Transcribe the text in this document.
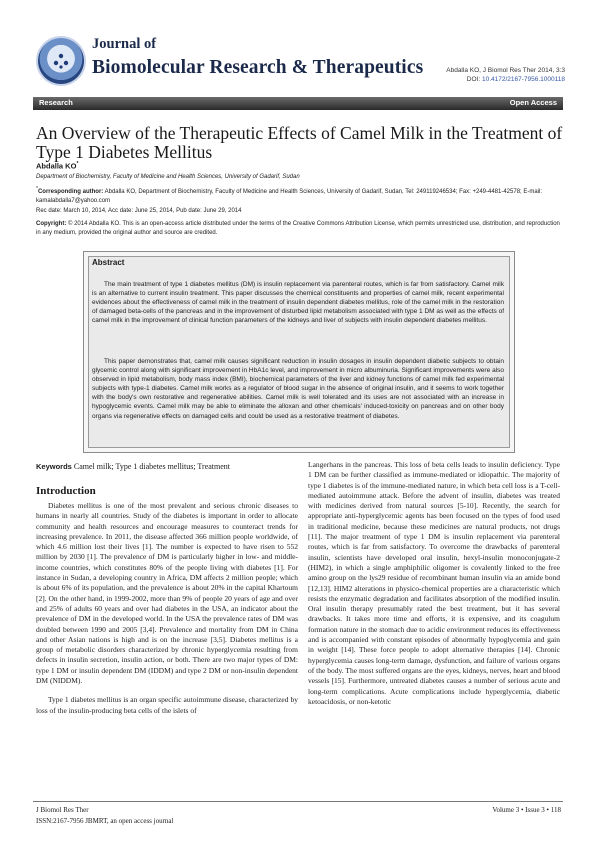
Journal of
Biomolecular Research & Therapeutics	Abdalla KO, J Biomol Res Ther 2014, 3:3
DOI: 10.4172/2167-7956.1000118
Research	Open Access
An Overview of the Therapeutic Effects of Camel Milk in the Treatment of Type 1 Diabetes Mellitus
Abdalla KO*
Department of Biochemistry, Faculty of Medicine and Health Sciences, University of Gadarif, Sudan
*Corresponding author: Abdalla KO, Department of Biochemistry, Faculty of Medicine and Health Sciences, University of Gadarif, Sudan, Tel: 249119246534; Fax: +249-4481-42578; E-mail: kamalabdalla7@yahoo.com
Rec date: March 10, 2014, Acc date: June 25, 2014, Pub date: June 29, 2014
Copyright: © 2014 Abdalla KO. This is an open-access article distributed under the terms of the Creative Commons Attribution License, which permits unrestricted use, distribution, and reproduction in any medium, provided the original author and source are credited.
Abstract
The main treatment of type 1 diabetes mellitus (DM) is insulin replacement via parenteral routes, which is far from satisfactory. Camel milk is an alternative to current insulin treatment. This paper discusses the chemical constituents and properties of camel milk, recent experimental evidences about the effectiveness of camel milk in the treatment of insulin dependent diabetes mellitus, role of the camel milk in the restoration of damaged beta-cells of the pancreas and in the improvement of disturbed lipid metabolism associated with type 1 DM as well as the effects of camel milk in the improvement of clinical function parameters of the kidneys and liver of subjects with insulin dependent diabetes mellitus.
This paper demonstrates that, camel milk causes significant reduction in insulin dosages in insulin dependent diabetic subjects to obtain glycemic control along with significant improvement in HbA1c level, and improvement in micro albuminuria. Significant improvements were also observed in lipid metabolism, body mass index (BMI), biochemical parameters of the liver and kidney functions of camel milk fed experimental subjects with type-1 diabetes. Camel milk works as a regulator of blood sugar in the absence of original insulin, and it seems to work together with the body's own restorative and regenerative abilities. Camel milk is well tolerated and its uses are not associated with an increase in hypoglycemic events. Camel milk may be able to eliminate the alloxan and other chemicals' induced-toxicity on pancreas and on other body organs via regenerative effects on damaged cells and could be used as a restorative treatment of diabetes.
Keywords Camel milk; Type 1 diabetes mellitus; Treatment
Introduction

Diabetes mellitus is one of the most prevalent and serious chronic diseases to humans in nearly all countries. Study of the diabetes is important in order to allocate community and health resources and encourage measures to counteract trends for increasing prevalence. In 2011, the disease affected 366 million people worldwide, of which 4.6 million lost their lives [1]. The number is expected to have risen to 552 million by 2030 [1]. The prevalence of DM is particularly higher in low- and middle-income countries, which constitutes 80% of the people living with diabetes [1]. For instance in Sudan, a developing country in Africa, DM affects 2 million people; which is about 6% of its population, and the prevalence is about 20% in the capital Khartoum [2]. On the other hand, in 1999-2002, more than 9% of people 20 years of age and over and 25% of adults 60 years and over had diabetes in the USA, an indicator about the prevalence of DM in the developed world. In the USA the prevalence rates of DM was doubled between 1990 and 2005 [3,4]. Prevalence and mortality from DM in China and other Asian nations is high and is on the increase [3,5]. Diabetes mellitus is a group of metabolic disorders characterized by chronic hyperglycemia resulting from defects in insulin secretion, insulin action, or both. There are two major types of DM: type 1 DM or insulin dependent DM (IDDM) and type 2 DM or non-insulin dependent DM (NIDDM).

Type 1 diabetes mellitus is an organ specific autoimmune disease, characterized by loss of the insulin-producing beta cells of the islets of

Langerhans in the pancreas. This loss of beta cells leads to insulin deficiency. Type 1 DM can be further classified as immune-mediated or idiopathic. The majority of type 1 diabetes is of the immune-mediated nature, in which beta cell loss is a T-cell-mediated autoimmune attack. Before the advent of insulin, diabetes was treated with medicines derived from natural sources [5-10]. Recently, the search for appropriate anti-hyperglycemic agents has been focused on the types of food used in traditional medicine, because these medicines are natural products, not drugs [11]. The major treatment of type 1 DM is insulin replacement via parenteral routes, which is far from satisfactory. To overcome the drawbacks of parenteral insulin, scientists have developed oral insulin, hexyl-insulin monoconjugate-2 (HIM2), in which a single amphiphilic oligomer is covalently linked to the free amino group on the lys29 residue of recombinant human insulin via an amide bond [12,13]. HIM2 alterations in physico-chemical properties are a characteristic which resists the enzymatic degradation and facilitates absorption of the modified insulin. Oral insulin therapy presumably rated the best treatment, but it has several drawbacks. It takes more time and efforts, it is expensive, and its coagulum formation nature in the stomach due to acidic environment reduces its effectiveness and is accompanied with constant episodes of abnormally hypoglycemia and gain in weight [14]. These force people to adopt alternative therapies [14]. Chronic hyperglycemia causes long-term damage, dysfunction, and failure of various organs of the body. The most suffered organs are the eyes, kidneys, nerves, heart and blood vessels [15]. Furthermore, untreated diabetes causes a number of serious acute and long-term complications. Acute complications include hyperglycemia, diabetic ketoacidosis, or non-ketotic

J Biomol Res Ther
ISSN:2167-7956 JBMRT, an open access journal
Volume 3 • Issue 3 • 118
